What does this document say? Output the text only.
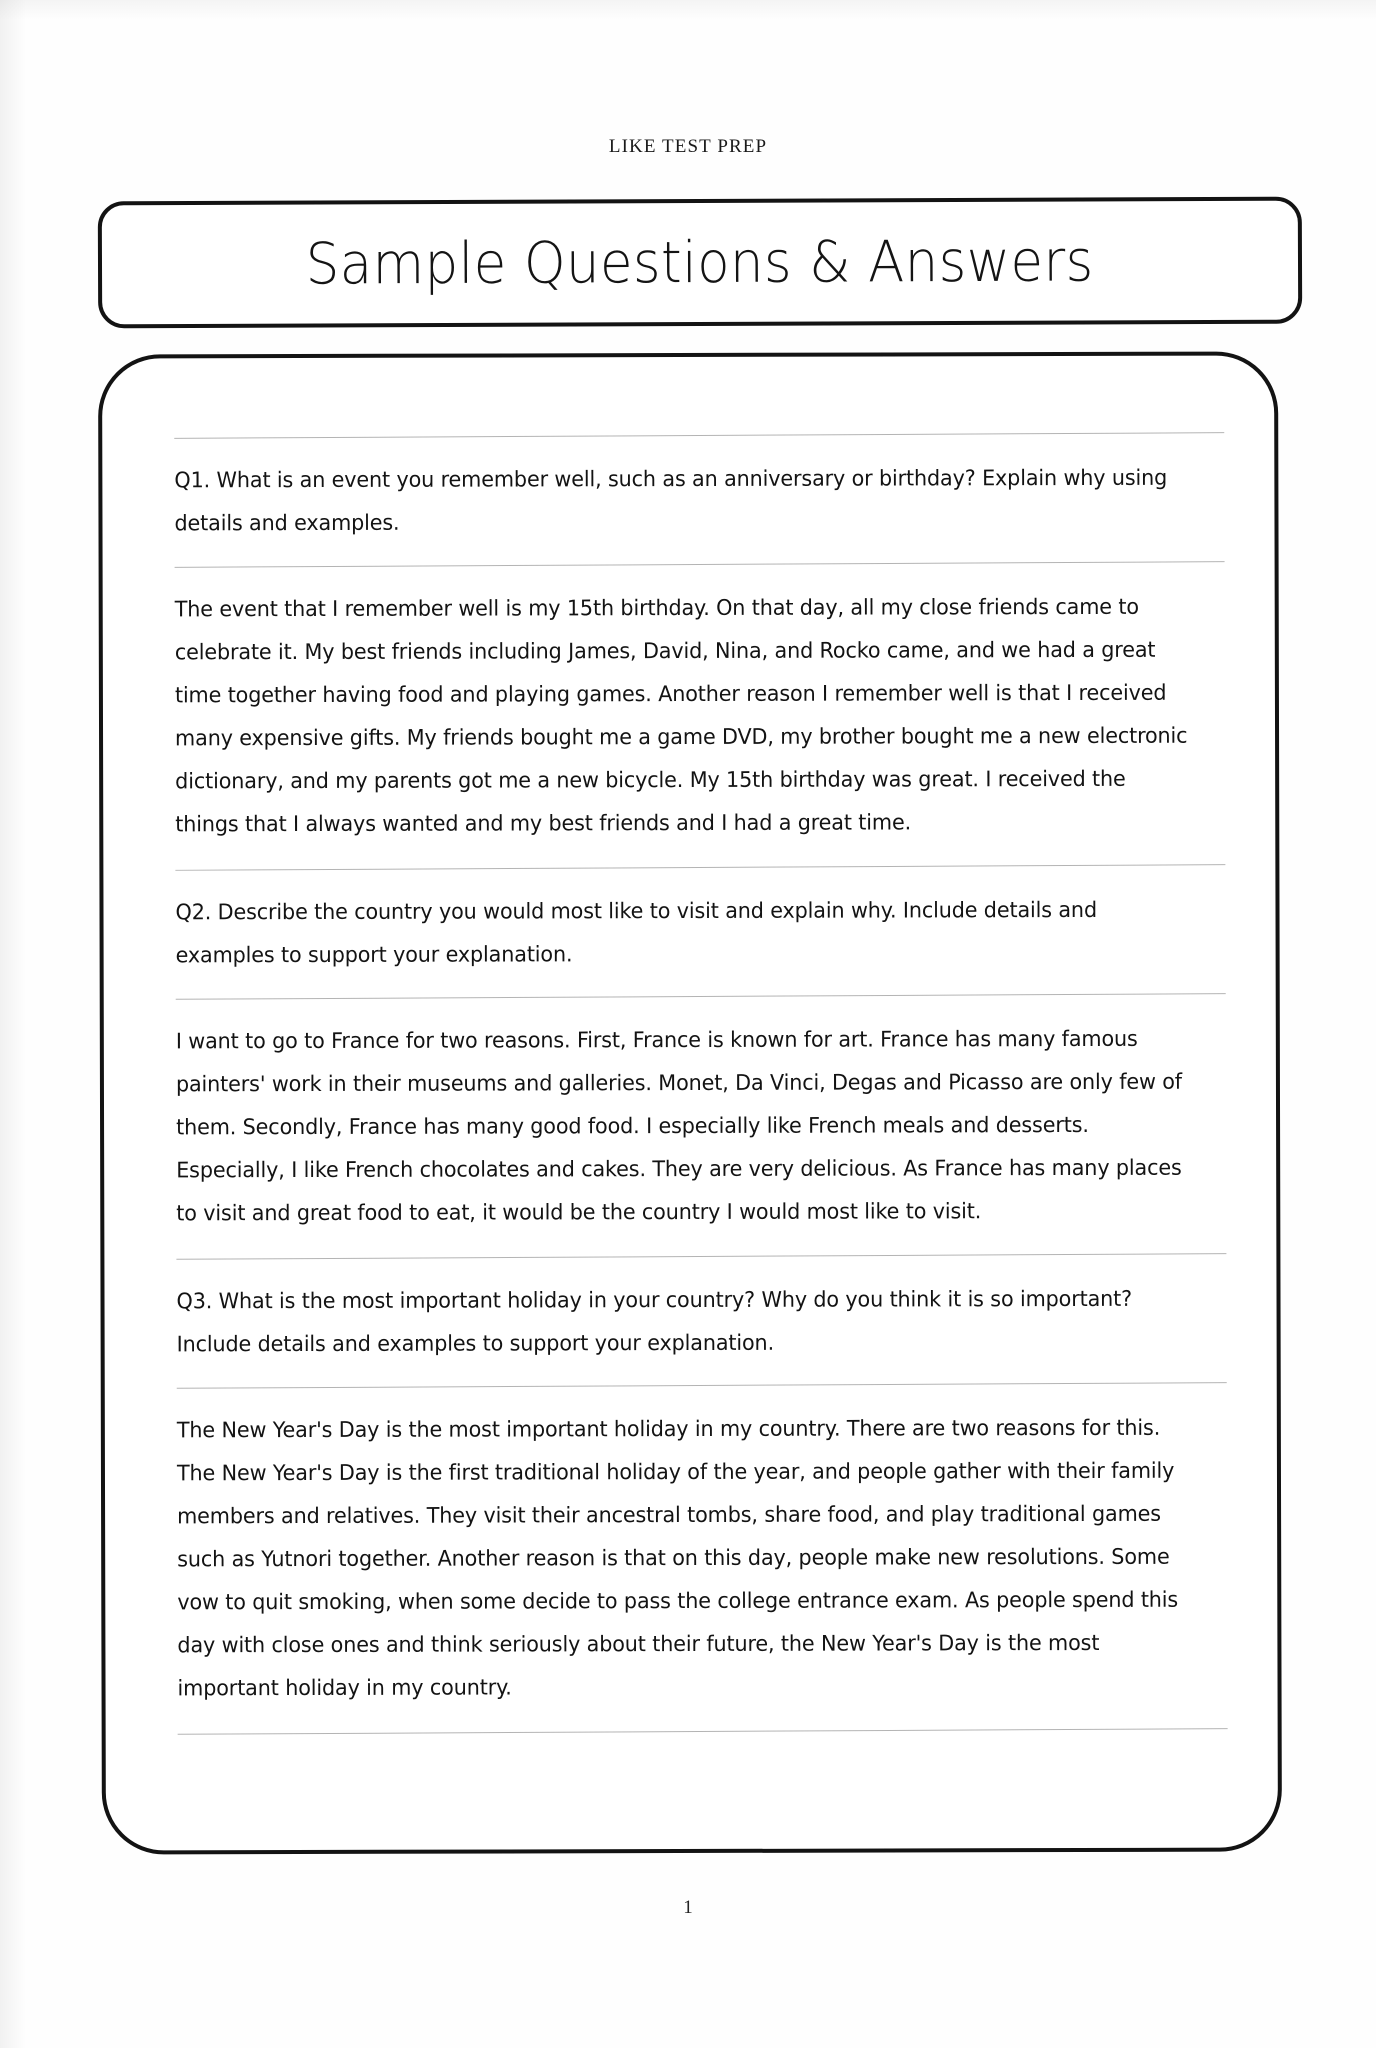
LIKE TEST PREP
Sample Questions & Answers

Q1. What is an event you remember well, such as an anniversary or birthday? Explain why using details and examples.

The event that I remember well is my 15th birthday. On that day, all my close friends came to celebrate it. My best friends including James, David, Nina, and Rocko came, and we had a great time together having food and playing games. Another reason I remember well is that I received many expensive gifts. My friends bought me a game DVD, my brother bought me a new electronic dictionary, and my parents got me a new bicycle. My 15th birthday was great. I received the things that I always wanted and my best friends and I had a great time.

Q2. Describe the country you would most like to visit and explain why. Include details and examples to support your explanation.

I want to go to France for two reasons. First, France is known for art. France has many famous painters' work in their museums and galleries. Monet, Da Vinci, Degas and Picasso are only few of them. Secondly, France has many good food. I especially like French meals and desserts. Especially, I like French chocolates and cakes. They are very delicious. As France has many places to visit and great food to eat, it would be the country I would most like to visit.

Q3. What is the most important holiday in your country? Why do you think it is so important? Include details and examples to support your explanation.

The New Year's Day is the most important holiday in my country. There are two reasons for this. The New Year's Day is the first traditional holiday of the year, and people gather with their family members and relatives. They visit their ancestral tombs, share food, and play traditional games such as Yutnori together. Another reason is that on this day, people make new resolutions. Some vow to quit smoking, when some decide to pass the college entrance exam. As people spend this day with close ones and think seriously about their future, the New Year's Day is the most important holiday in my country.

1
